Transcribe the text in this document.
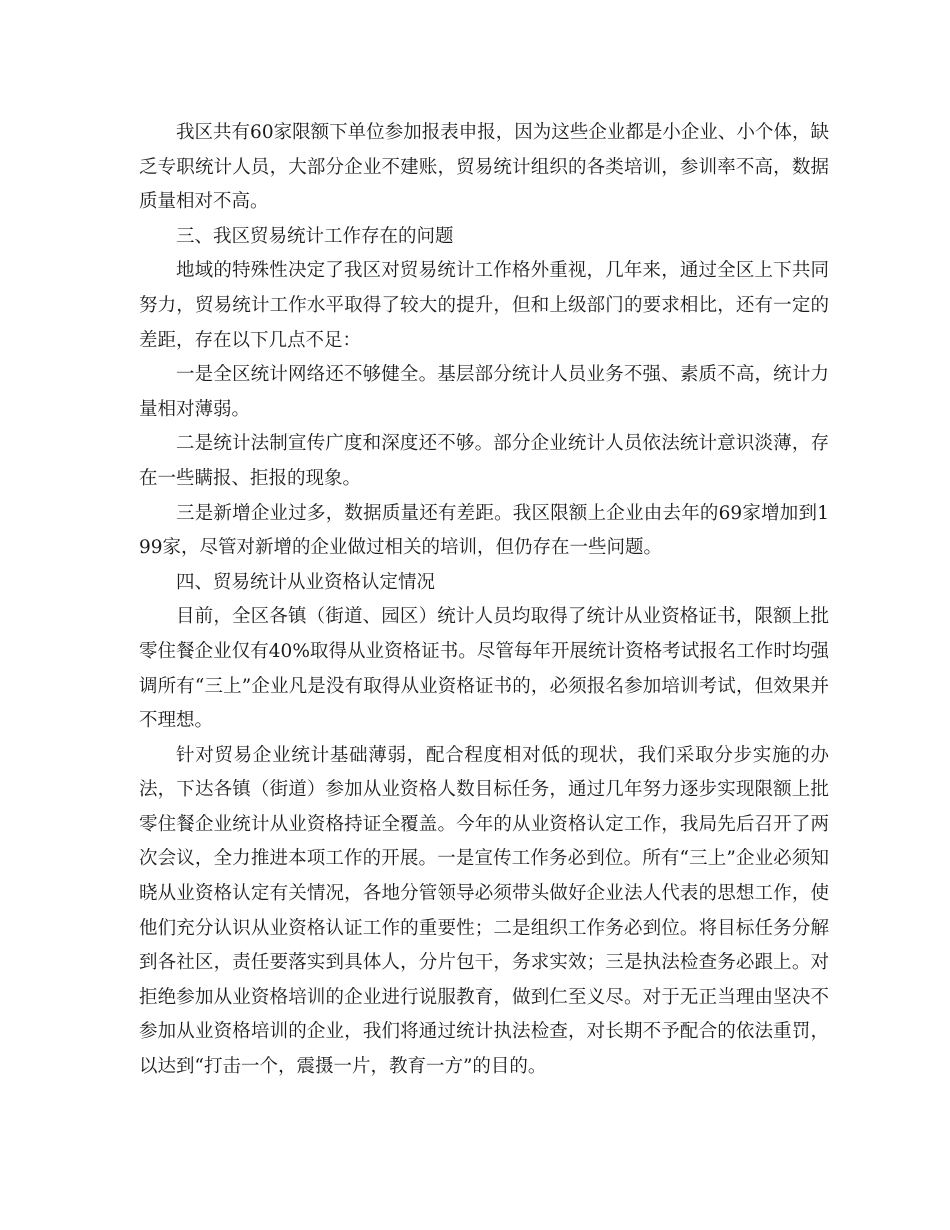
我区共有60家限额下单位参加报表申报，因为这些企业都是小企业、小个体，缺乏专职统计人员，大部分企业不建账，贸易统计组织的各类培训，参训率不高，数据质量相对不高。

三、我区贸易统计工作存在的问题

地域的特殊性决定了我区对贸易统计工作格外重视，几年来，通过全区上下共同努力，贸易统计工作水平取得了较大的提升，但和上级部门的要求相比，还有一定的差距，存在以下几点不足：

一是全区统计网络还不够健全。基层部分统计人员业务不强、素质不高，统计力量相对薄弱。

二是统计法制宣传广度和深度还不够。部分企业统计人员依法统计意识淡薄，存在一些瞒报、拒报的现象。

三是新增企业过多，数据质量还有差距。我区限额上企业由去年的69家增加到199家，尽管对新增的企业做过相关的培训，但仍存在一些问题。

四、贸易统计从业资格认定情况

目前，全区各镇（街道、园区）统计人员均取得了统计从业资格证书，限额上批零住餐企业仅有40%取得从业资格证书。尽管每年开展统计资格考试报名工作时均强调所有“三上”企业凡是没有取得从业资格证书的，必须报名参加培训考试，但效果并不理想。

针对贸易企业统计基础薄弱，配合程度相对低的现状，我们采取分步实施的办法，下达各镇（街道）参加从业资格人数目标任务，通过几年努力逐步实现限额上批零住餐企业统计从业资格持证全覆盖。今年的从业资格认定工作，我局先后召开了两次会议，全力推进本项工作的开展。一是宣传工作务必到位。所有“三上”企业必须知晓从业资格认定有关情况，各地分管领导必须带头做好企业法人代表的思想工作，使他们充分认识从业资格认证工作的重要性；二是组织工作务必到位。将目标任务分解到各社区，责任要落实到具体人，分片包干，务求实效；三是执法检查务必跟上。对拒绝参加从业资格培训的企业进行说服教育，做到仁至义尽。对于无正当理由坚决不参加从业资格培训的企业，我们将通过统计执法检查，对长期不予配合的依法重罚，以达到“打击一个，震摄一片，教育一方”的目的。
